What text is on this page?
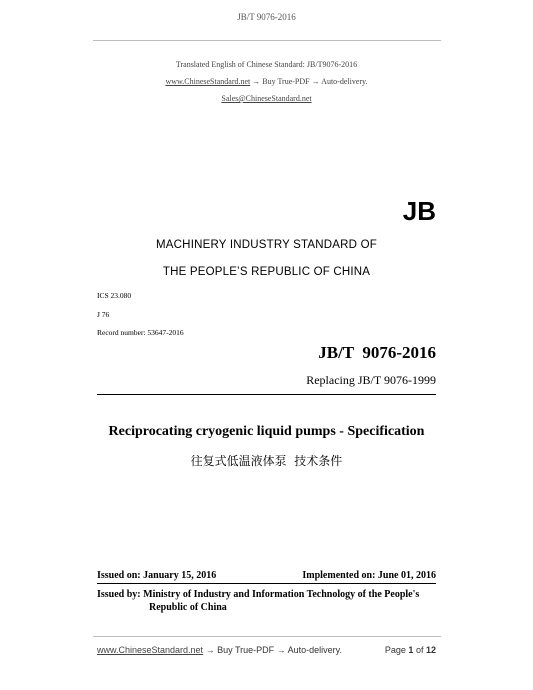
JB/T 9076-2016
Translated English of Chinese Standard: JB/T9076-2016
www.ChineseStandard.net → Buy True-PDF → Auto-delivery.
Sales@ChineseStandard.net
JB
MACHINERY INDUSTRY STANDARD OF
THE PEOPLE’S REPUBLIC OF CHINA
ICS 23.080
J 76
Record number: 53647-2016
JB/T  9076-2016
Replacing JB/T 9076-1999
Reciprocating cryogenic liquid pumps - Specification
往复式低温液体泵  技术条件
Issued on: January 15, 2016	Implemented on: June 01, 2016
Issued by: Ministry of Industry and Information Technology of the People's
Republic of China
www.ChineseStandard.net → Buy True-PDF → Auto-delivery.	Page 1 of 12
